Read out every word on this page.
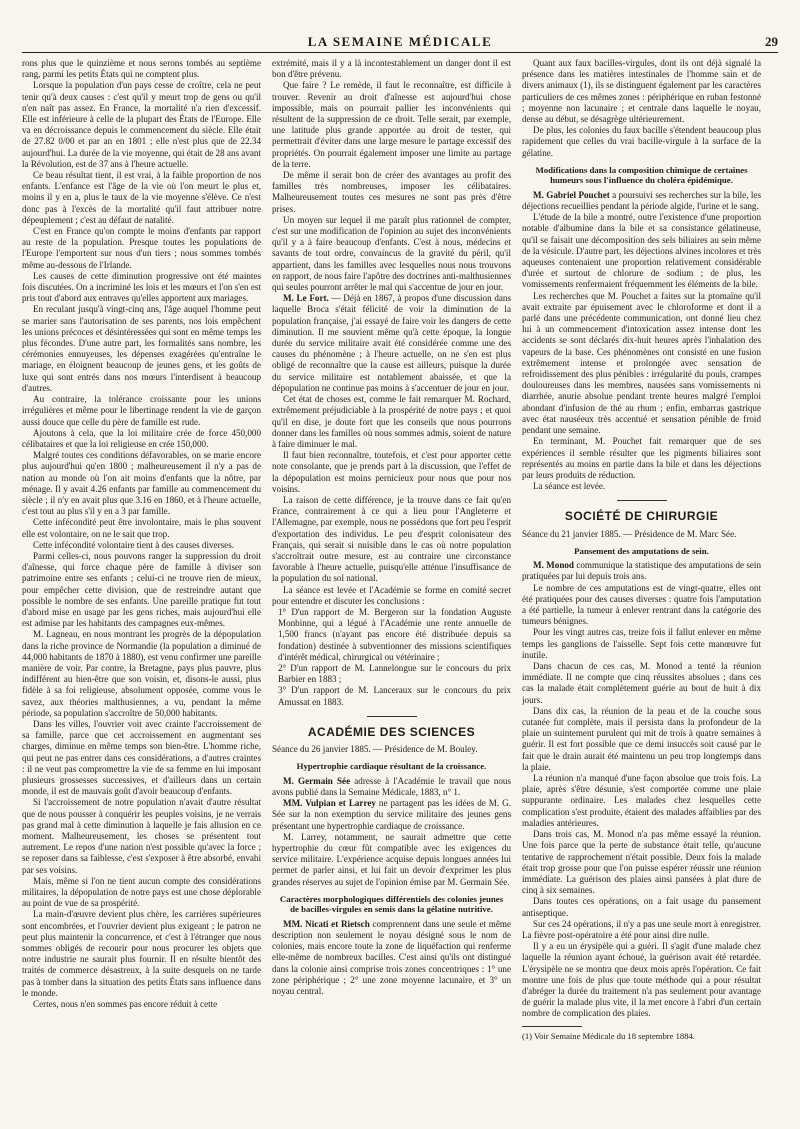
LA SEMAINE MÉDICALE	29

rons plus que le quinzième et nous serons tombés au septième rang, parmi les petits États qui ne comptent plus.

Lorsque la population d'un pays cesse de croître, cela ne peut tenir qu'à deux causes : c'est qu'il y meurt trop de gens ou qu'il n'en naît pas assez. En France, la mortalité n'a rien d'excessif. Elle est inférieure à celle de la plupart des États de l'Europe. Elle va en décroissance depuis le commencement du siècle. Elle était de 27.82 0/00 et par an en 1801 ; elle n'est plus que de 22.34 aujourd'hui. La durée de la vie moyenne, qui était de 28 ans avant la Révolution, est de 37 ans à l'heure actuelle.

Ce beau résultat tient, il est vrai, à la faible proportion de nos enfants. L'enfance est l'âge de la vie où l'on meurt le plus et, moins il y en a, plus le taux de la vie moyenne s'élève. Ce n'est donc pas à l'excès de la mortalité qu'il faut attribuer notre dépeuplement ; c'est au défaut de natalité.

C'est en France qu'on compte le moins d'enfants par rapport au reste de la population. Presque toutes les populations de l'Europe l'emportent sur nous d'un tiers ; nous sommes tombés même au-dessous de l'Irlande.

Les causes de cette diminution progressive ont été maintes fois discutées. On a incriminé les lois et les mœurs et l'on s'en est pris tout d'abord aux entraves qu'elles apportent aux mariages.

En reculant jusqu'à vingt-cinq ans, l'âge auquel l'homme peut se marier sans l'autorisation de ses parents, nos lois empêchent les unions précoces et désintéressées qui sont en même temps les plus fécondes. D'une autre part, les formalités sans nombre, les cérémonies ennuyeuses, les dépenses exagérées qu'entraîne le mariage, en éloignent beaucoup de jeunes gens, et les goûts de luxe qui sont entrés dans nos mœurs l'interdisent à beaucoup d'autres.

Au contraire, la tolérance croissante pour les unions irrégulières et même pour le libertinage rendent la vie de garçon aussi douce que celle du père de famille est rude.

Ajoutons à cela, que la loi militaire crée de force 450,000 célibataires et que la loi religieuse en crée 150,000.

Malgré toutes ces conditions défavorables, on se marie encore plus aujourd'hui qu'en 1800 ; malheureusement il n'y a pas de nation au monde où l'on ait moins d'enfants que la nôtre, par ménage. Il y avait 4.26 enfants par famille au commencement du siècle ; il n'y en avait plus que 3.16 en 1860, et à l'heure actuelle, c'est tout au plus s'il y en a 3 par famille.

Cette infécondité peut être involontaire, mais le plus souvent elle est volontaire, on ne le sait que trop.

Cette infécondité volontaire tient à des causes diverses.

Parmi celles-ci, nous pouvons ranger la suppression du droit d'aînesse, qui force chaque père de famille à diviser son patrimoine entre ses enfants ; celui-ci ne trouve rien de mieux, pour empêcher cette division, que de restreindre autant que possible le nombre de ses enfants. Une pareille pratique fut tout d'abord mise en usage par les gens riches, mais aujourd'hui elle est admise par les habitants des campagnes eux-mêmes.

M. Lagneau, en nous montrant les progrès de la dépopulation dans la riche province de Normandie (la population a diminué de 44,000 habitants de 1870 à 1880), est venu confirmer une pareille manière de voir. Par contre, la Bretagne, pays plus pauvre, plus indifférent au bien-être que son voisin, et, disons-le aussi, plus fidèle à sa foi religieuse, absolument opposée, comme vous le savez, aux théories malthusiennes, a vu, pendant la même période, sa population s'accroître de 50,000 habitants.

Dans les villes, l'ouvrier voit avec crainte l'accroissement de sa famille, parce que cet accroissement en augmentant ses charges, diminue en même temps son bien-être. L'homme riche, qui peut ne pas entrer dans ces considérations, a d'autres craintes : il ne veut pas compromettre la vie de sa femme en lui imposant plusieurs grossesses successives, et d'ailleurs dans un certain monde, il est de mauvais goût d'avoir beaucoup d'enfants.

Si l'accroissement de notre population n'avait d'autre résultat que de nous pousser à conquérir les peuples voisins, je ne verrais pas grand mal à cette diminution à laquelle je fais allusion en ce moment. Malheureusement, les choses se présentent tout autrement. Le repos d'une nation n'est possible qu'avec la force ; se reposer dans sa faiblesse, c'est s'exposer à être absorbé, envahi par ses voisins.

Mais, même si l'on ne tient aucun compte des considérations militaires, la dépopulation de notre pays est une chose déplorable au point de vue de sa prospérité.

La main-d'œuvre devient plus chère, les carrières supérieures sont encombrées, et l'ouvrier devient plus exigeant ; le patron ne peut plus maintenir la concurrence, et c'est à l'étranger que nous sommes obligés de recourir pour nous procurer les objets que notre industrie ne saurait plus fournir. Il en résulte bientôt des traités de commerce désastreux, à la suite desquels on ne tarde pas à tomber dans la situation des petits États sans influence dans le monde.

Certes, nous n'en sommes pas encore réduit à cette

extrémité, mais il y a là incontestablement un danger dont il est bon d'être prévenu.

Que faire ? Le remède, il faut le reconnaître, est difficile à trouver. Revenir au droit d'aînesse est aujourd'hui chose impossible, mais on pourrait pallier les inconvénients qui résultent de la suppression de ce droit. Telle serait, par exemple, une latitude plus grande apportée au droit de tester, qui permettrait d'éviter dans une large mesure le partage excessif des propriétés. On pourrait également imposer une limite au partage de la terre.

De même il serait bon de créer des avantages au profit des familles très nombreuses, imposer les célibataires. Malheureusement toutes ces mesures ne sont pas près d'être prises.

Un moyen sur lequel il me paraît plus rationnel de compter, c'est sur une modification de l'opinion au sujet des inconvénients qu'il y a à faire beaucoup d'enfants. C'est à nous, médecins et savants de tout ordre, convaincus de la gravité du péril, qu'il appartient, dans les familles avec lesquelles nous nous trouvons en rapport, de nous faire l'apôtre des doctrines anti-malthusiennes qui seules pourront arrêter le mal qui s'accentue de jour en jour.

M. Le Fort. — Déjà en 1867, à propos d'une discussion dans laquelle Broca s'était félicité de voir la diminution de la population française, j'ai essayé de faire voir les dangers de cette diminution. Il me souvient même qu'à cette époque, la longue durée du service militaire avait été considérée comme une des causes du phénomène ; à l'heure actuelle, on ne s'en est plus obligé de reconnaître que la cause est ailleurs, puisque la durée du service militaire est notablement abaissée, et que la dépopulation ne continue pas moins à s'accentuer de jour en jour.

Cet état de choses est, comme le fait remarquer M. Rochard, extrêmement préjudiciable à la prospérité de notre pays ; et quoi qu'il en dise, je doute fort que les conseils que nous pourrons donner dans les familles où nous sommes admis, soient de nature à faire diminuer le mal.

Il faut bien reconnaître, toutefois, et c'est pour apporter cette note consolante, que je prends part à la discussion, que l'effet de la dépopulation est moins pernicieux pour nous que pour nos voisins.

La raison de cette différence, je la trouve dans ce fait qu'en France, contrairement à ce qui a lieu pour l'Angleterre et l'Allemagne, par exemple, nous ne possédons que fort peu l'esprit d'exportation des individus. Le peu d'esprit colonisateur des Français, qui serait si nuisible dans le cas où notre population s'accroîtrait outre mesure, est au contraire une circonstance favorable à l'heure actuelle, puisqu'elle atténue l'insuffisance de la population du sol national.

La séance est levée et l'Académie se forme en comité secret pour entendre et discuter les conclusions :

1° D'un rapport de M. Bergeron sur la fondation Auguste Monbinne, qui a légué à l'Académie une rente annuelle de 1,500 francs (n'ayant pas encore été distribuée depuis sa fondation) destinée à subventionner des missions scientifiques d'intérêt médical, chirurgical ou vétérinaire ;

2° D'un rapport de M. Lannelongue sur le concours du prix Barbier en 1883 ;

3° D'un rapport de M. Lanceraux sur le concours du prix Amussat en 1883.

ACADÉMIE DES SCIENCES

Séance du 26 janvier 1885. — Présidence de M. Bouley.

Hypertrophie cardiaque résultant de la croissance.

M. Germain Sée adresse à l'Académie le travail que nous avons publié dans la Semaine Médicale, 1883, n° 1.

MM. Vulpian et Larrey ne partagent pas les idées de M. G. Sée sur la non exemption du service militaire des jeunes gens présentant une hypertrophie cardiaque de croissance.

M. Larrey, notamment, ne saurait admettre que cette hypertrophie du cœur fût compatible avec les exigences du service militaire. L'expérience acquise depuis longues années lui permet de parler ainsi, et lui fait un devoir d'exprimer les plus grandes réserves au sujet de l'opinion émise par M. Germain Sée.

Caractères morphologiques différentiels des colonies jeunes de bacilles-virgules en semis dans la gélatine nutritive.

MM. Nicati et Rietsch comprennent dans une seule et même description non seulement le noyau désigné sous le nom de colonies, mais encore toute la zone de liquéfaction qui renferme elle-même de nombreux bacilles. C'est ainsi qu'ils ont distingué dans la colonie ainsi comprise trois zones concentriques : 1° une zone périphérique ; 2° une zone moyenne lacunaire, et 3° un noyau central.

Quant aux faux bacilles-virgules, dont ils ont déjà signalé la présence dans les matières intestinales de l'homme sain et de divers animaux (1), ils se distinguent également par les caractères particuliers de ces mêmes zones : périphérique en ruban festonné ; moyenne non lacunaire ; et centrale dans laquelle le noyau, dense au début, se désagrège ultérieurement.

De plus, les colonies du faux bacille s'étendent beaucoup plus rapidement que celles du vrai bacille-virgule à la surface de la gélatine.

Modifications dans la composition chimique de certaines humeurs sous l'influence du choléra épidémique.

M. Gabriel Pouchet a poursuivi ses recherches sur la bile, les déjections recueillies pendant la période algide, l'urine et le sang.

L'étude de la bile a montré, outre l'existence d'une proportion notable d'albumine dans la bile et sa consistance gélatineuse, qu'il se faisait une décomposition des sels biliaires au sein même de la vésicule. D'autre part, les déjections alvines incolores et très aqueuses contenaient une proportion relativement considérable d'urée et surtout de chlorure de sodium ; de plus, les vomissements renfermaient fréquemment les éléments de la bile.

Les recherches que M. Pouchet a faites sur la ptomaïne qu'il avait extraite par épuisement avec le chloroforme et dont il a parlé dans une précédente communication, ont donné lieu chez lui à un commencement d'intoxication assez intense dont les accidents se sont déclarés dix-huit heures après l'inhalation des vapeurs de la base. Ces phénomènes ont consisté en une fusion extrêmement intense et prolongée avec sensation de refroidissement des plus pénibles : irrégularité du pouls, crampes douloureuses dans les membres, nausées sans vomissements ni diarrhée, anurie absolue pendant trente heures malgré l'emploi abondant d'infusion de thé au rhum ; enfin, embarras gastrique avec état nauséeux très accentué et sensation pénible de froid pendant une semaine.

En terminant, M. Pouchet fait remarquer que de ses expériences il semble résulter que les pigments biliaires sont représentés au moins en partie dans la bile et dans les déjections par leurs produits de réduction.

La séance est levée.

SOCIÉTÉ DE CHIRURGIE

Séance du 21 janvier 1885. — Présidence de M. Marc Sée.

Pansement des amputations de sein.

M. Monod communique la statistique des amputations de sein pratiquées par lui depuis trois ans.

Le nombre de ces amputations est de vingt-quatre, elles ont été pratiquées pour des causes diverses : quatre fois l'amputation a été partielle, la tumeur à enlever rentrant dans la catégorie des tumeurs bénignes.

Pour les vingt autres cas, treize fois il fallut enlever en même temps les ganglions de l'aisselle. Sept fois cette manœuvre fut inutile.

Dans chacun de ces cas, M. Monod a tenté la réunion immédiate. Il ne compte que cinq réussites absolues ; dans ces cas la malade était complètement guérie au bout de huit à dix jours.

Dans dix cas, la réunion de la peau et de la couche sous cutanée fut complète, mais il persista dans la profondeur de la plaie un suintement purulent qui mit de trois à quatre semaines à guérir. Il est fort possible que ce demi insuccès soit causé par le fait que le drain aurait été maintenu un peu trop longtemps dans la plaie.

La réunion n'a manqué d'une façon absolue que trois fois. La plaie, après s'être désunie, s'est comportée comme une plaie suppurante ordinaire. Les malades chez lesquelles cette complication s'est produite, étaient des malades affaiblies par des maladies antérieures.

Dans trois cas, M. Monod n'a pas même essayé la réunion. Une fois parce que la perte de substance était telle, qu'aucune tentative de rapprochement n'était possible. Deux fois la malade était trop grosse pour que l'on puisse espérer réussir une réunion immédiate. La guérison des plaies ainsi pansées à plat dure de cinq à six semaines.

Dans toutes ces opérations, on a fait usage du pansement antiseptique.

Sur ces 24 opérations, il n'y a pas une seule mort à enregistrer. La fièvre post-opératoire a été pour ainsi dire nulle.

Il y a eu un érysipèle qui a guéri. Il s'agit d'une malade chez laquelle la réunion ayant échoué, la guérison avait été retardée. L'érysipèle ne se montra que deux mois après l'opération. Ce fait montre une fois de plus que toute méthode qui a pour résultat d'abréger la durée du traitement n'a pas seulement pour avantage de guérir la malade plus vite, il la met encore à l'abri d'un certain nombre de complication des plaies.

(1) Voir Semaine Médicale du 18 septembre 1884.
